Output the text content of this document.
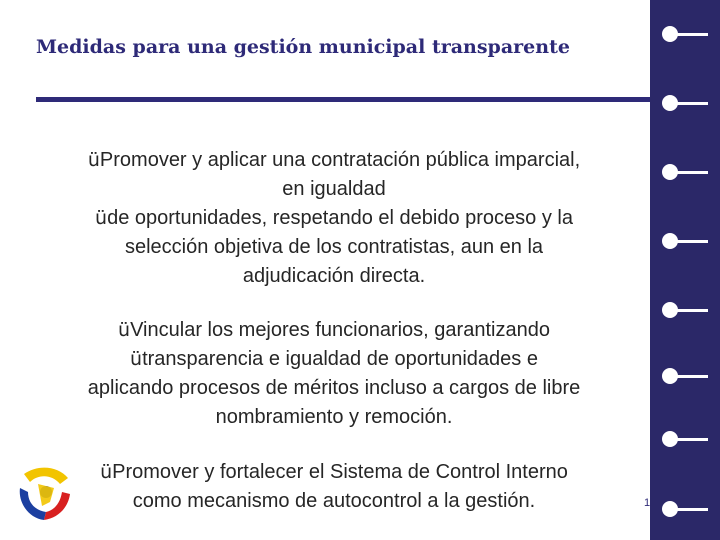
Medidas para una gestión municipal transparente

üPromover y aplicar una contratación pública imparcial,

en igualdad

üde oportunidades, respetando el debido proceso y la

selección objetiva de los contratistas, aun en la

adjudicación directa.

üVincular los mejores funcionarios, garantizando

ütransparencia e igualdad de oportunidades e

aplicando procesos de méritos incluso a cargos de libre

nombramiento y remoción.

üPromover y fortalecer el Sistema de Control Interno

como mecanismo de autocontrol a la gestión.	1
